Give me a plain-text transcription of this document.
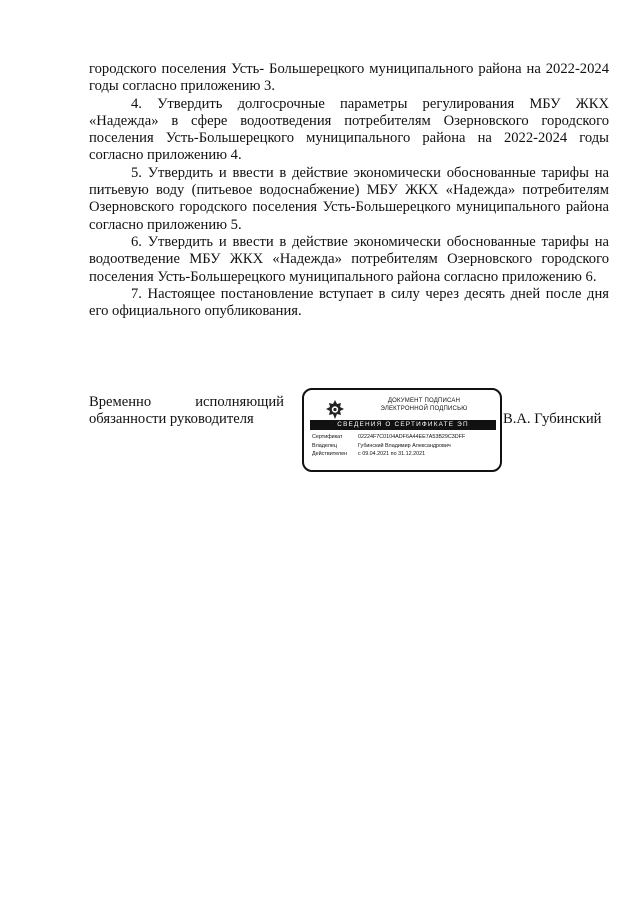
городского поселения Усть- Большерецкого муниципального района на 2022-2024 годы согласно приложению 3.

4. Утвердить долгосрочные параметры регулирования МБУ ЖКХ «Надежда» в сфере водоотведения потребителям Озерновского городского поселения Усть-Большерецкого муниципального района на 2022-2024 годы согласно приложению 4.

5. Утвердить и ввести в действие экономически обоснованные тарифы на питьевую воду (питьевое водоснабжение) МБУ ЖКХ «Надежда» потребителям Озерновского городского поселения Усть-Большерецкого муниципального района согласно приложению 5.

6. Утвердить и ввести в действие экономически обоснованные тарифы на водоотведение МБУ ЖКХ «Надежда» потребителям Озерновского городского поселения Усть-Большерецкого муниципального района согласно приложению 6.

7. Настоящее постановление вступает в силу через десять дней после дня его официального опубликования.

Временно	исполняющий
обязанности руководителя
ДОКУМЕНТ ПОДПИСАН
ЭЛЕКТРОННОЙ ПОДПИСЬЮ
СВЕДЕНИЯ О СЕРТИФИКАТЕ ЭП
Сертификат	02224F7C0104ADF6A44EE7A53B29C3DFF
Владелец	Губинский Владимир Александрович
Действителен	с 09.04.2021 по 31.12.2021
В.А. Губинский
